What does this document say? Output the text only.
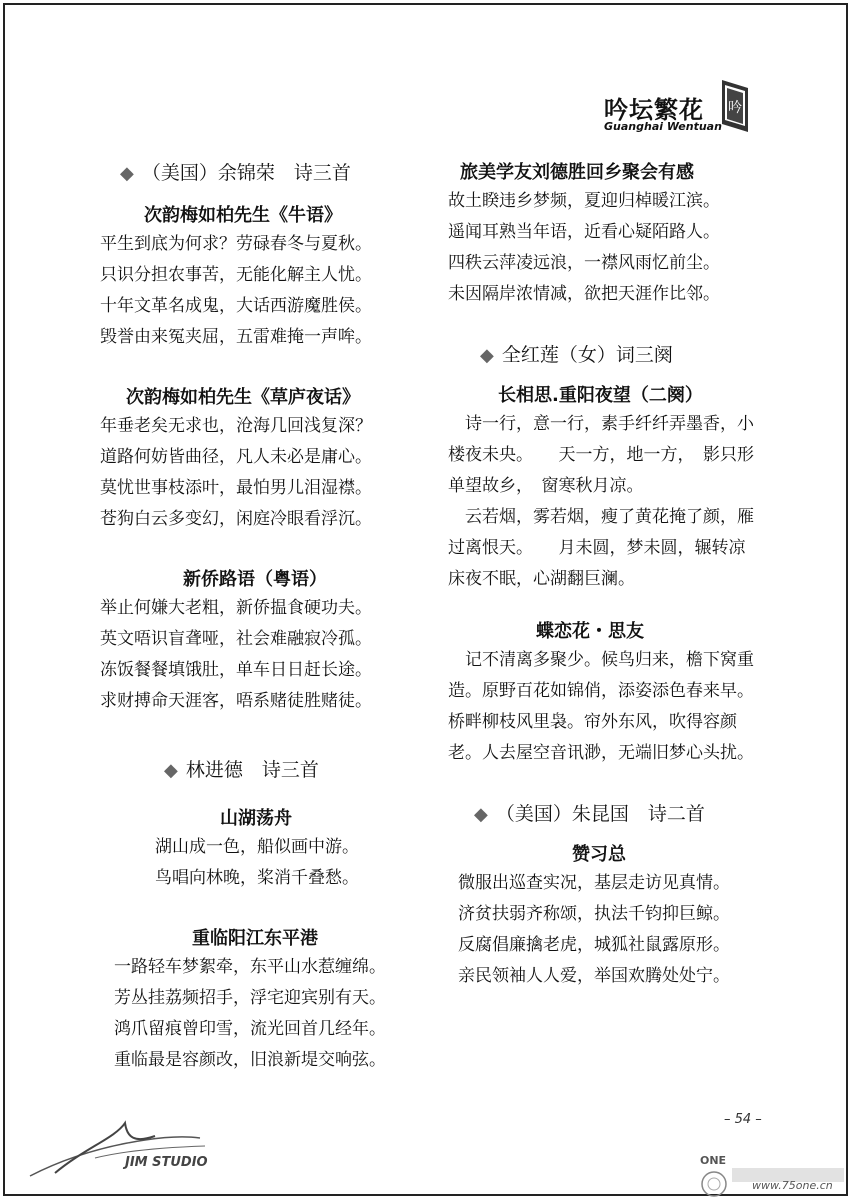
吟坛繁花
Guanghai Wentuan
吟
◆ （美国）余锦荣　诗三首
次韵梅如柏先生《牛语》
平生到底为何求？劳碌春冬与夏秋。
只识分担农事苦，无能化解主人忧。
十年文革名成鬼，大话西游魔胜侯。
毁誉由来冤夹屈，五雷难掩一声哞。
次韵梅如柏先生《草庐夜话》
年垂老矣无求也，沧海几回浅复深？
道路何妨皆曲径，凡人未必是庸心。
莫忧世事枝添叶，最怕男儿泪湿襟。
苍狗白云多变幻，闲庭冷眼看浮沉。
新侨路语（粤语）
举止何嫌大老粗，新侨揾食硬功夫。
英文唔识盲聋哑，社会难融寂冷孤。
冻饭餐餐填饿肚，单车日日赶长途。
求财搏命天涯客，唔系赌徒胜赌徒。
◆ 林进德　诗三首
山湖荡舟
湖山成一色，船似画中游。
鸟唱向林晚，桨消千叠愁。
重临阳江东平港
一路轻车梦絮牵，东平山水惹缠绵。
芳丛挂荔频招手，浮宅迎宾别有天。
鸿爪留痕曾印雪，流光回首几经年。
重临最是容颜改，旧浪新堤交响弦。
旅美学友刘德胜回乡聚会有感
故土睽违乡梦频，夏迎归棹暖江滨。
遥闻耳熟当年语，近看心疑陌路人。
四秩云萍凌远浪，一襟风雨忆前尘。
未因隔岸浓情减，欲把天涯作比邻。
◆ 全红莲（女）词三阕
长相思.重阳夜望（二阕）
　诗一行，意一行，素手纤纤弄墨香，小楼夜未央。　　天一方，地一方，　影只形单望故乡，　窗寒秋月凉。
　云若烟，雾若烟，瘦了黄花掩了颜，雁过离恨天。　　月未圆，梦未圆，辗转凉床夜不眠，心湖翻巨澜。
蝶恋花・思友
　记不清离多聚少。候鸟归来，檐下窝重造。原野百花如锦俏，添姿添色春来早。　桥畔柳枝风里袅。帘外东风，吹得容颜老。人去屋空音讯渺，无端旧梦心头扰。
◆ （美国）朱昆国　诗二首
赞习总
微服出巡查实况，基层走访见真情。
济贫扶弱齐称颂，执法千钧抑巨鲸。
反腐倡廉擒老虎，城狐社鼠露原形。
亲民领袖人人爱，举国欢腾处处宁。
– 54 –
JIM STUDIO	ONE
www.75one.cn
